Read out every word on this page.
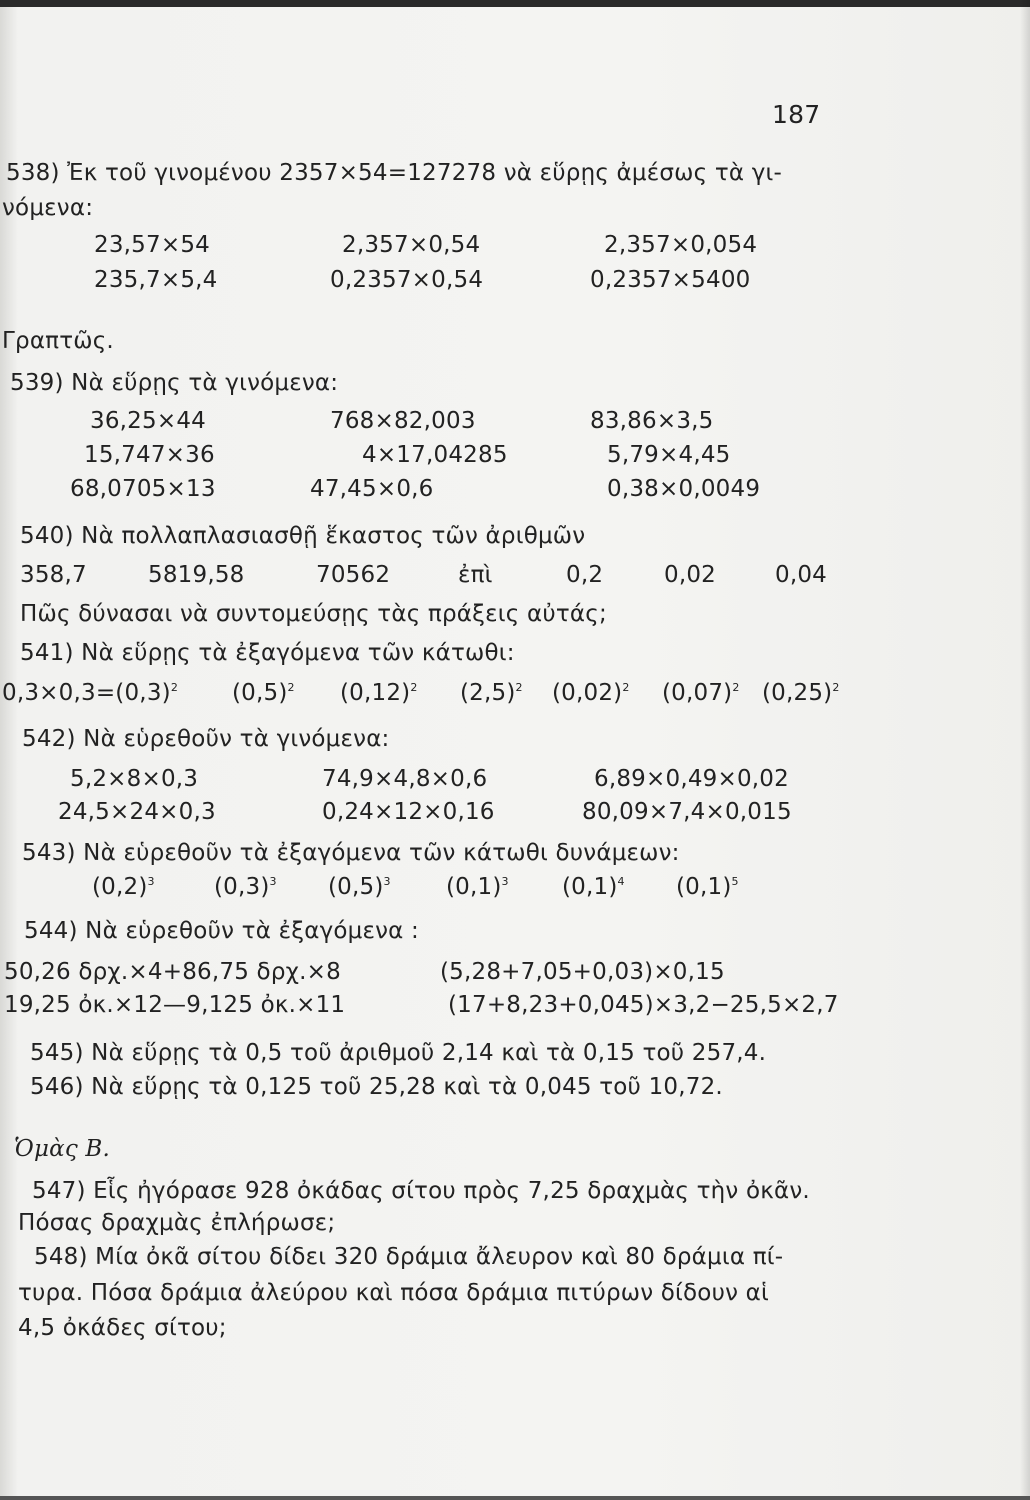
187
538) Ἐκ τοῦ γινομένου 2357×54=127278 νὰ εὕρῃς ἀμέσως τὰ γι-
νόμενα:
23,57×54	2,357×0,54	2,357×0,054
235,7×5,4	0,2357×0,54	0,2357×5400
Γραπτῶς.
539) Νὰ εὕρῃς τὰ γινόμενα:
36,25×44	768×82,003	83,86×3,5
15,747×36	4×17,04285	5,79×4,45
68,0705×13	47,45×0,6	0,38×0,0049
540) Νὰ πολλαπλασιασθῇ ἕκαστος τῶν ἀριθμῶν
358,7	5819,58	70562	ἐπὶ	0,2	0,02	0,04
Πῶς δύνασαι νὰ συντομεύσῃς τὰς πράξεις αὐτάς;
541) Νὰ εὕρῃς τὰ ἐξαγόμενα τῶν κάτωθι:
$0,3\times 0,3=(0,3)^2$ $(0,5)^2$ $(0,12)^2$ $(2,5)^2$ $(0,02)^2$ $(0,07)^2$ $(0,25)^2$
542) Νὰ εὑρεθοῦν τὰ γινόμενα:
5,2×8×0,3	74,9×4,8×0,6	6,89×0,49×0,02
24,5×24×0,3	0,24×12×0,16	80,09×7,4×0,015
543) Νὰ εὑρεθοῦν τὰ ἐξαγόμενα τῶν κάτωθι δυνάμεων:
$(0,2)^3$	$(0,3)^3$ $(0,5)^3$ $(0,1)^3$ $(0,1)^4$ $(0,1)^5$
544) Νὰ εὑρεθοῦν τὰ ἐξαγόμενα :
50,26 δρχ.×4+86,75 δρχ.×8	(5,28+7,05+0,03)×0,15
19,25 ὀκ.×12—9,125 ὀκ.×11	(17+8,23+0,045)×3,2−25,5×2,7
545) Νὰ εὕρῃς τὰ 0,5 τοῦ ἀριθμοῦ 2,14 καὶ τὰ 0,15 τοῦ 257,4.
546) Νὰ εὕρῃς τὰ 0,125 τοῦ 25,28 καὶ τὰ 0,045 τοῦ 10,72.
Ὁμὰς Β.
547) Εἷς ἠγόρασε 928 ὀκάδας σίτου πρὸς 7,25 δραχμὰς τὴν ὀκᾶν.
Πόσας δραχμὰς ἐπλήρωσε;
548) Μία ὀκᾶ σίτου δίδει 320 δράμια ἄλευρον καὶ 80 δράμια πί-
τυρα. Πόσα δράμια ἀλεύρου καὶ πόσα δράμια πιτύρων δίδουν αἱ
4,5 ὀκάδες σίτου;
